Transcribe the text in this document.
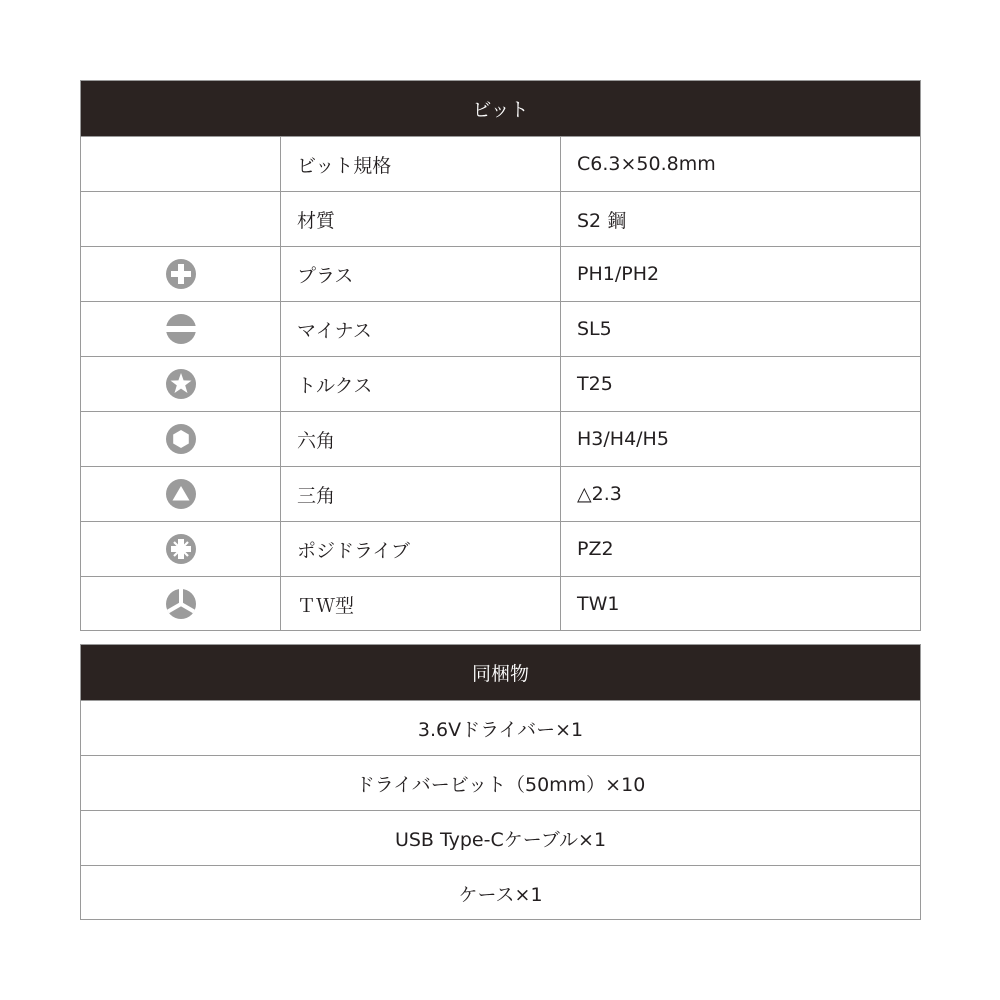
ビット
ビット規格	C6.3×50.8mm
材質	S2 鋼
プラス	PH1/PH2
マイナス	SL5
トルクス	T25
六角	H3/H4/H5
三角	△2.3
ポジドライブ	PZ2
ＴＷ型	TW1
同梱物
3.6Vドライバー×1
ドライバービット（50mm）×10
USB Type-Cケーブル×1
ケース×1
